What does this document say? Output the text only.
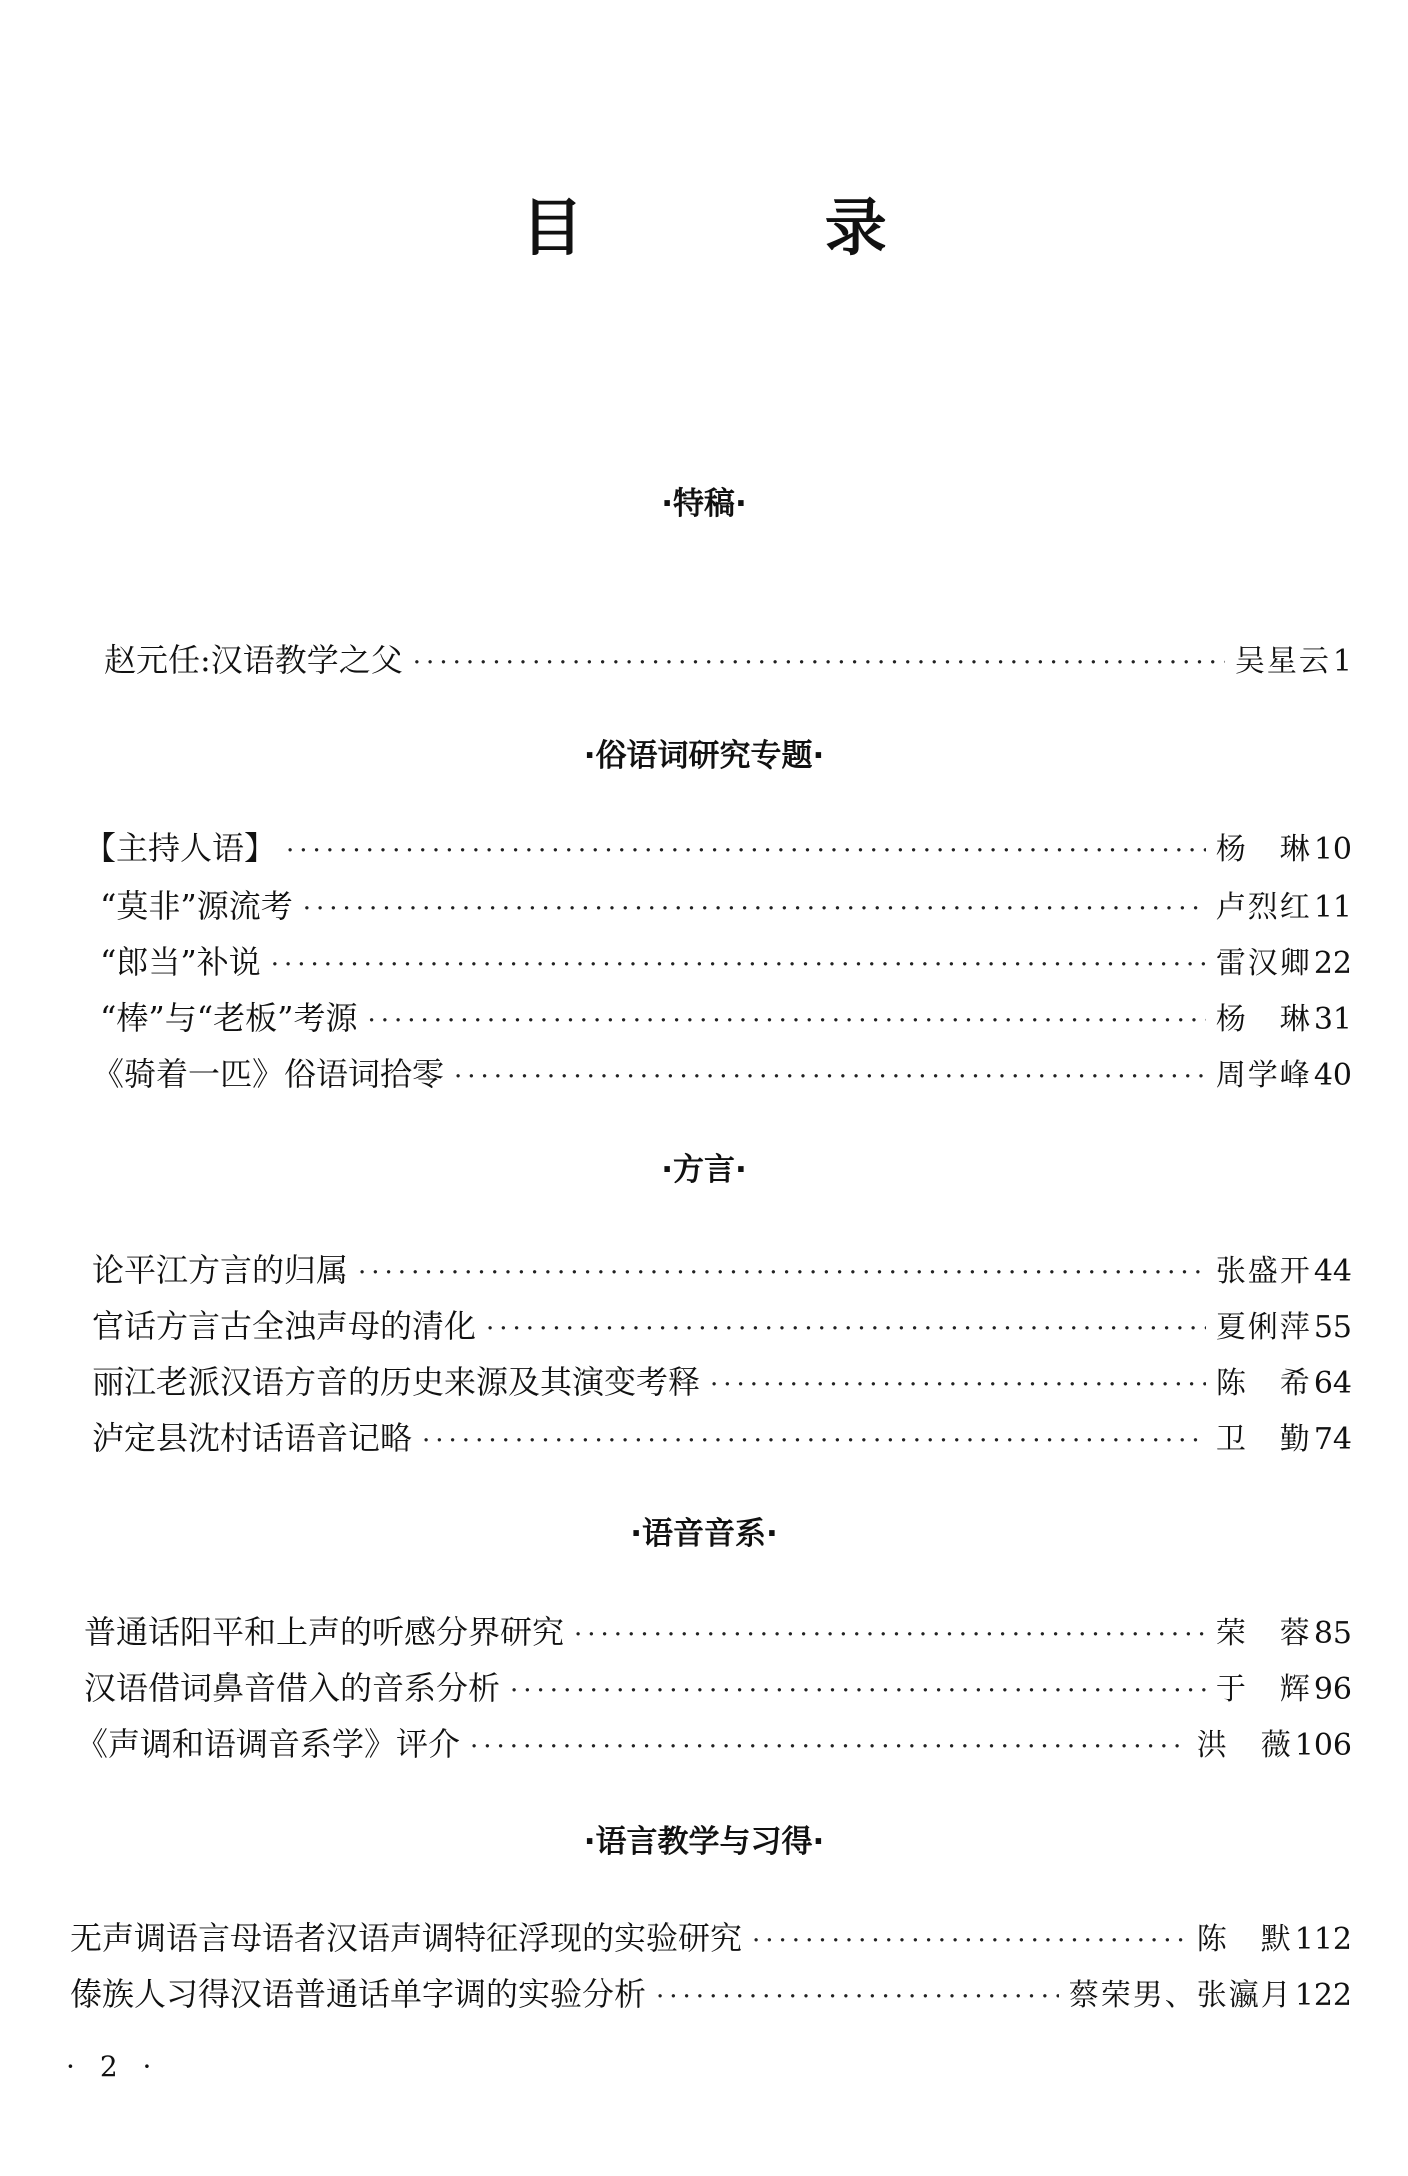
目 录
·特稿·
赵元任:汉语教学之父 ·····	吴星云 1
·俗语词研究专题·
【主持人语】 ·····	杨　琳 10
“莫非”源流考 ·····	卢烈红 11
“郎当”补说 ·····	雷汉卿 22
“棒”与“老板”考源 ·····	杨　琳 31
《骑着一匹》俗语词拾零 ·····	周学峰 40
·方言·
论平江方言的归属 ·····	张盛开 44
官话方言古全浊声母的清化 ·····	夏俐萍 55
丽江老派汉语方音的历史来源及其演变考释 ·····	陈　希 64
泸定县沈村话语音记略 ·····	卫　勤 74
·语音音系·
普通话阳平和上声的听感分界研究 ·····	荣　蓉 85
汉语借词鼻音借入的音系分析 ·····	于　辉 96
《声调和语调音系学》评介 ·····	洪　薇 106
·语言教学与习得·
无声调语言母语者汉语声调特征浮现的实验研究 ·····	陈　默 112
傣族人习得汉语普通话单字调的实验分析 ·····	蔡荣男、张瀛月 122
· 2 ·
